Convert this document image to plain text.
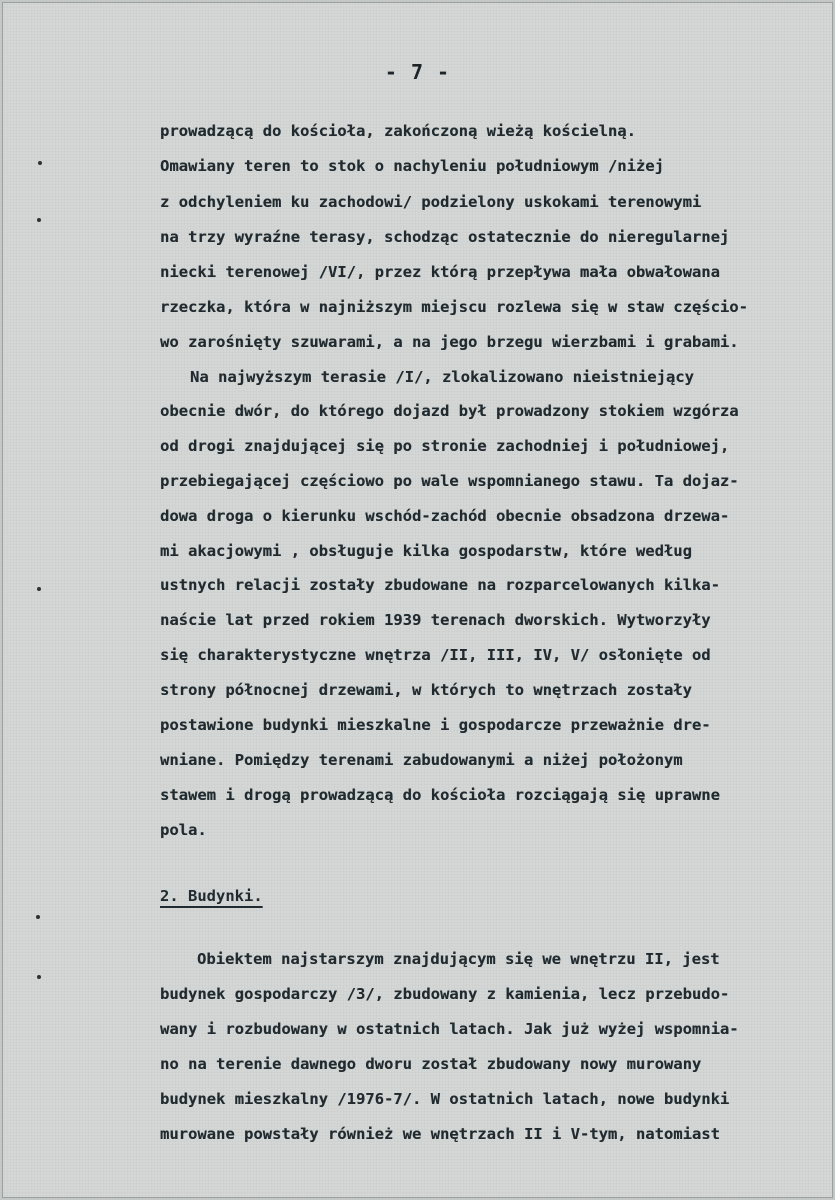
- 7 -
prowadzącą do kościoła, zakończoną wieżą kościelną.
Omawiany teren to stok o nachyleniu południowym /niżej
z odchyleniem ku zachodowi/ podzielony uskokami terenowymi
na trzy wyraźne terasy, schodząc ostatecznie do nieregularnej
niecki terenowej /VI/, przez którą przepływa mała obwałowana
rzeczka, która w najniższym miejscu rozlewa się w staw częścio-
wo zarośnięty szuwarami, a na jego brzegu wierzbami i grabami.
Na najwyższym terasie /I/, zlokalizowano nieistniejący
obecnie dwór, do którego dojazd był prowadzony stokiem wzgórza
od drogi znajdującej się po stronie zachodniej i południowej,
przebiegającej częściowo po wale wspomnianego stawu. Ta dojaz-
dowa droga o kierunku wschód-zachód obecnie obsadzona drzewa-
mi akacjowymi , obsługuje kilka gospodarstw, które według
ustnych relacji zostały zbudowane na rozparcelowanych kilka-
naście lat przed rokiem 1939 terenach dworskich. Wytworzyły
się charakterystyczne wnętrza /II, III, IV, V/ osłonięte od
strony północnej drzewami, w których to wnętrzach zostały
postawione budynki mieszkalne i gospodarcze przeważnie dre-
wniane. Pomiędzy terenami zabudowanymi a niżej położonym
stawem i drogą prowadzącą do kościoła rozciągają się uprawne
pola.
2. Budynki.
Obiektem najstarszym znajdującym się we wnętrzu II, jest
budynek gospodarczy /3/, zbudowany z kamienia, lecz przebudo-
wany i rozbudowany w ostatnich latach. Jak już wyżej wspomnia-
no na terenie dawnego dworu został zbudowany nowy murowany
budynek mieszkalny /1976-7/. W ostatnich latach, nowe budynki
murowane powstały również we wnętrzach II i V-tym, natomiast
